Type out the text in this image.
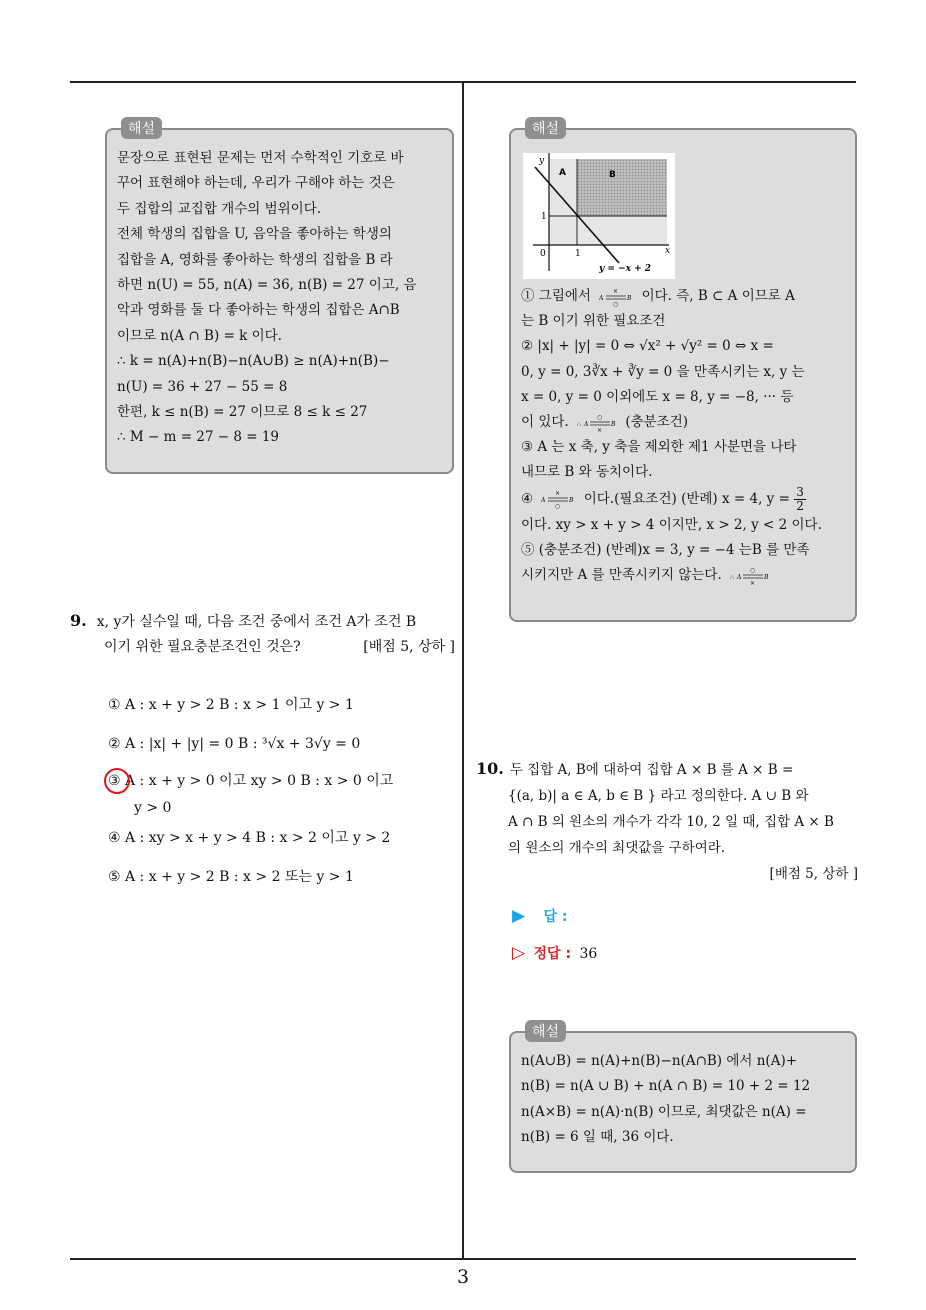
해설
문장으로 표현된 문제는 먼저 수학적인 기호로 바
꾸어 표현해야 하는데, 우리가 구해야 하는 것은
두 집합의 교집합 개수의 범위이다.
전체 학생의 집합을 U, 음악을 좋아하는 학생의
집합을 A, 영화를 좋아하는 학생의 집합을 B 라
하면 n(U) = 55, n(A) = 36, n(B) = 27 이고, 음
악과 영화를 둘 다 좋아하는 학생의 집합은 A∩B
이므로 n(A ∩ B) = k 이다.
∴ k = n(A)+n(B)−n(A∪B) ≥ n(A)+n(B)−
n(U) = 36 + 27 − 55 = 8
한편, k ≤ n(B) = 27 이므로 8 ≤ k ≤ 27
∴ M − m = 27 − 8 = 19
9. x, y가 실수일 때, 다음 조건 중에서 조건 A가 조건 B
이기 위한 필요충분조건인 것은?	[배점 5, 상하 ]
① A : x + y > 2 B : x > 1 이고 y > 1
② A : |x| + |y| = 0 B : ³√x + 3√y = 0
③ A : x + y > 0 이고 xy > 0 B : x > 0 이고
y > 0
④ A : xy > x + y > 4 B : x > 2 이고 y > 2
⑤ A : x + y > 2 B : x > 2 또는 y > 1
해설
y
x
A	B
1
1
0
y = −x + 2
① 그림에서 A
×
○
B 이다. 즉, B ⊂ A 이므로 A
는 B 이기 위한 필요조건
② |x| + |y| = 0 ⇔ √x² + √y² = 0 ⇔ x =
0, y = 0, 3∛x + ∛y = 0 을 만족시키는 x, y 는
x = 0, y = 0 이외에도 x = 8, y = −8, ··· 등
이 있다. ∴ A
○
×
B (충분조건)
③ A 는 x 축, y 축을 제외한 제1 사분면을 나타
내므로 B 와 동치이다.
④ A
×
○
B 이다.(필요조건) (반례) x = 4, $y = \frac{3}{2}$
이다. xy > x + y > 4 이지만, x > 2, y < 2 이다.
⑤ (충분조건) (반례)x = 3, y = −4 는B 를 만족
시키지만 A 를 만족시키지 않는다. ∴ A
○
×
B
10. 두 집합 A, B에 대하여 집합 A × B 를 A × B =
{(a, b)| a ∈ A, b ∈ B } 라고 정의한다. A ∪ B 와
A ∩ B 의 원소의 개수가 각각 10, 2 일 때, 집합 A × B
의 원소의 개수의 최댓값을 구하여라.
[배점 5, 상하 ]
▶ 답 :
▷ 정답 : 36
해설
n(A∪B) = n(A)+n(B)−n(A∩B) 에서 n(A)+
n(B) = n(A ∪ B) + n(A ∩ B) = 10 + 2 = 12
n(A×B) = n(A)·n(B) 이므로, 최댓값은 n(A) =
n(B) = 6 일 때, 36 이다.
3
